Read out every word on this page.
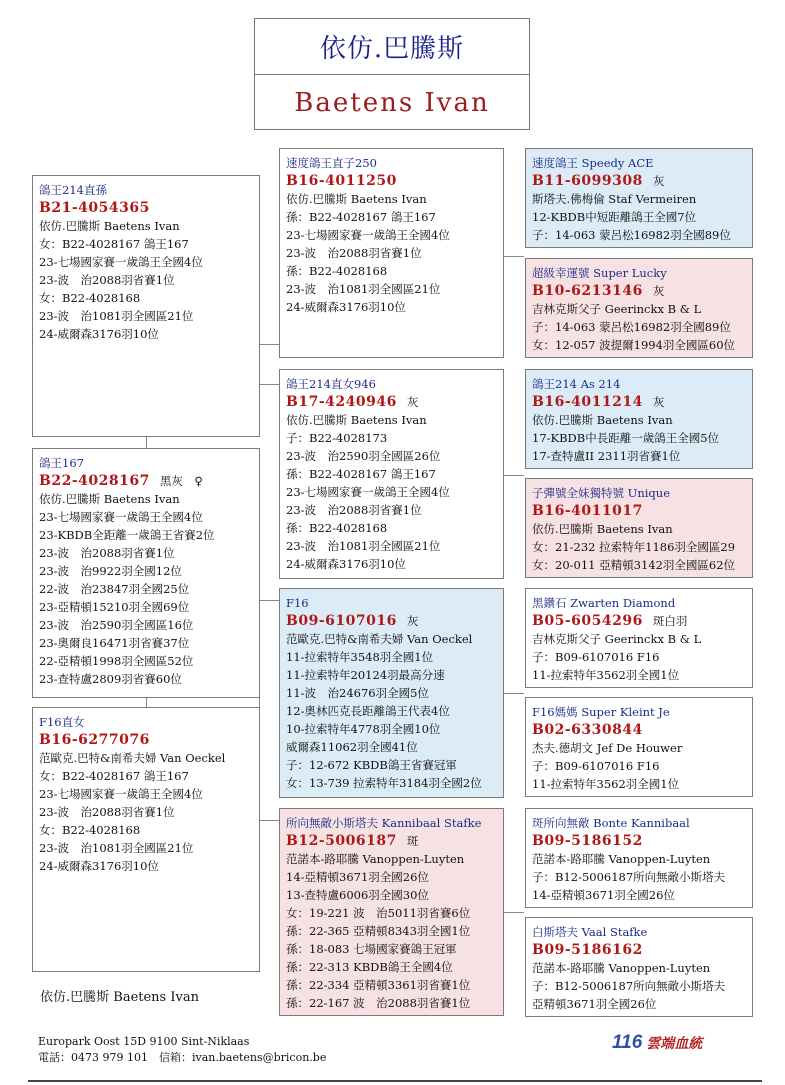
依仿.巴騰斯
Baetens Ivan
鴿王214直孫
B21-4054365
依仿.巴騰斯 Baetens Ivan
女：B22-4028167 鴿王167
23-七場國家賽一歲鴿王全國4位
23-波　治2088羽省賽1位
女：B22-4028168
23-波　治1081羽全國區21位
24-威爾森3176羽10位
鴿王167
B22-4028167 黑灰　♀
依仿.巴騰斯 Baetens Ivan
23-七場國家賽一歲鴿王全國4位
23-KBDB全距離一歲鴿王省賽2位
23-波　治2088羽省賽1位
23-波　治9922羽全國12位
22-波　治23847羽全國25位
23-亞精頓15210羽全國69位
23-波　治2590羽全國區16位
23-奧爾良16471羽省賽37位
22-亞精頓1998羽全國區52位
23-查特盧2809羽省賽60位
F16直女
B16-6277076
范歐克.巴特&南希夫婦 Van Oeckel
女：B22-4028167 鴿王167
23-七場國家賽一歲鴿王全國4位
23-波　治2088羽省賽1位
女：B22-4028168
23-波　治1081羽全國區21位
24-威爾森3176羽10位
速度鴿王直子250
B16-4011250
依仿.巴騰斯 Baetens Ivan
孫：B22-4028167 鴿王167
23-七場國家賽一歲鴿王全國4位
23-波　治2088羽省賽1位
孫：B22-4028168
23-波　治1081羽全國區21位
24-威爾森3176羽10位
鴿王214直女946
B17-4240946 灰
依仿.巴騰斯 Baetens Ivan
子：B22-4028173
23-波　治2590羽全國區26位
孫：B22-4028167 鴿王167
23-七場國家賽一歲鴿王全國4位
23-波　治2088羽省賽1位
孫：B22-4028168
23-波　治1081羽全國區21位
24-威爾森3176羽10位
F16
B09-6107016 灰
范歐克.巴特&南希夫婦 Van Oeckel
11-拉索特年3548羽全國1位
11-拉索特年20124羽最高分速
11-波　治24676羽全國5位
12-奧林匹克長距離鴿王代表4位
10-拉索特年4778羽全國10位
威爾森11062羽全國41位
子：12-672 KBDB鴿王省賽冠軍
女：13-739 拉索特年3184羽全國2位
所向無敵小斯塔夫 Kannibaal Stafke
B12-5006187 斑
范諾本-路耶騰 Vanoppen-Luyten
14-亞精頓3671羽全國26位
13-查特盧6006羽全國30位
女：19-221 波　治5011羽省賽6位
孫：22-365 亞精頓8343羽全國1位
孫：18-083 七場國家賽鴿王冠軍
孫：22-313 KBDB鴿王全國4位
孫：22-334 亞精頓3361羽省賽1位
孫：22-167 波　治2088羽省賽1位
速度鴿王 Speedy ACE
B11-6099308 灰
斯塔夫.佛梅倫 Staf Vermeiren
12-KBDB中短距離鴿王全國7位
子：14-063 蒙呂松16982羽全國89位
超級幸運號 Super Lucky
B10-6213146 灰
吉林克斯父子 Geerinckx B & L
子：14-063 蒙呂松16982羽全國89位
女：12-057 波提爾1994羽全國區60位
鴿王214 As 214
B16-4011214 灰
依仿.巴騰斯 Baetens Ivan
17-KBDB中長距離一歲鴿王全國5位
17-查特盧II 2311羽省賽1位
子彈號全妹獨特號 Unique
B16-4011017
依仿.巴騰斯 Baetens Ivan
女：21-232 拉索特年1186羽全國區29
女：20-011 亞精頓3142羽全國區62位
黑鑽石 Zwarten Diamond
B05-6054296 斑白羽
吉林克斯父子 Geerinckx B & L
子：B09-6107016 F16
11-拉索特年3562羽全國1位
F16媽媽 Super Kleint Je
B02-6330844
杰夫.德胡文 Jef De Houwer
子：B09-6107016 F16
11-拉索特年3562羽全國1位
斑所向無敵 Bonte Kannibaal
B09-5186152
范諾本-路耶騰 Vanoppen-Luyten
子：B12-5006187所向無敵小斯塔夫
14-亞精頓3671羽全國26位
白斯塔夫 Vaal Stafke
B09-5186162
范諾本-路耶騰 Vanoppen-Luyten
子：B12-5006187所向無敵小斯塔夫
亞精頓3671羽全國26位
依仿.巴騰斯 Baetens Ivan
Europark Oost 15D 9100 Sint-Niklaas
電話：0473 979 101　信箱：ivan.baetens@bricon.be
116 雲端血統
